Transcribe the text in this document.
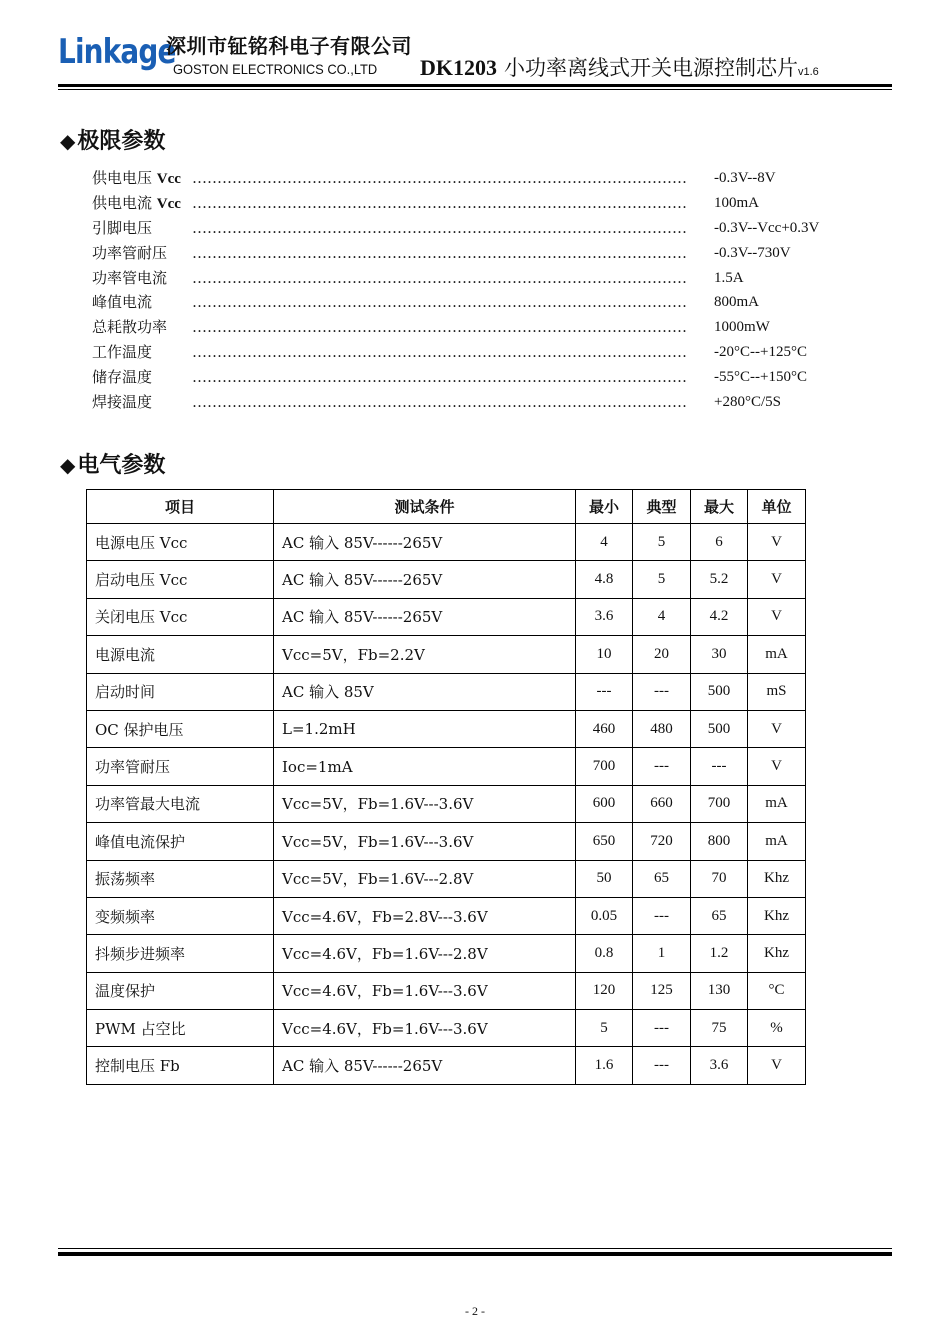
Linkage
深圳市钲铭科电子有限公司
GOSTON ELECTRONICS CO.,LTD DK1203 小功率离线式开关电源控制芯片v1.6
◆极限参数
供电电压 Vcc ………………………………………………………………………………………	-0.3V--8V
供电电流 Vcc ………………………………………………………………………………………	100mA
引脚电压	………………………………………………………………………………………	-0.3V--Vcc+0.3V
功率管耐压 ………………………………………………………………………………………	-0.3V--730V
功率管电流 ………………………………………………………………………………………	1.5A
峰值电流	………………………………………………………………………………………	800mA
总耗散功率 ………………………………………………………………………………………	1000mW
工作温度	………………………………………………………………………………………	-20°C--+125°C
储存温度	………………………………………………………………………………………	-55°C--+150°C
焊接温度	………………………………………………………………………………………	+280°C/5S
◆电气参数
项目	测试条件	最小	典型	最大	单位
电源电压 Vcc	AC 输入 85V------265V	4	5	6	V
启动电压 Vcc	AC 输入 85V------265V	4.8	5	5.2	V
关闭电压 Vcc	AC 输入 85V------265V	3.6	4	4.2	V
电源电流	Vcc=5V，Fb=2.2V	10	20	30	mA
启动时间	AC 输入 85V	---	---	500	mS
OC 保护电压	L=1.2mH	460	480	500	V
功率管耐压	Ioc=1mA	700	---	---	V
功率管最大电流	Vcc=5V，Fb=1.6V---3.6V	600	660	700	mA
峰值电流保护	Vcc=5V，Fb=1.6V---3.6V	650	720	800	mA
振荡频率	Vcc=5V，Fb=1.6V---2.8V	50	65	70	Khz
变频频率	Vcc=4.6V，Fb=2.8V---3.6V	0.05	---	65	Khz
抖频步进频率	Vcc=4.6V，Fb=1.6V---2.8V	0.8	1	1.2	Khz
温度保护	Vcc=4.6V，Fb=1.6V---3.6V	120	125	130	°C
PWM 占空比	Vcc=4.6V，Fb=1.6V---3.6V	5	---	75	%
控制电压 Fb	AC 输入 85V------265V	1.6	---	3.6	V
- 2 -
